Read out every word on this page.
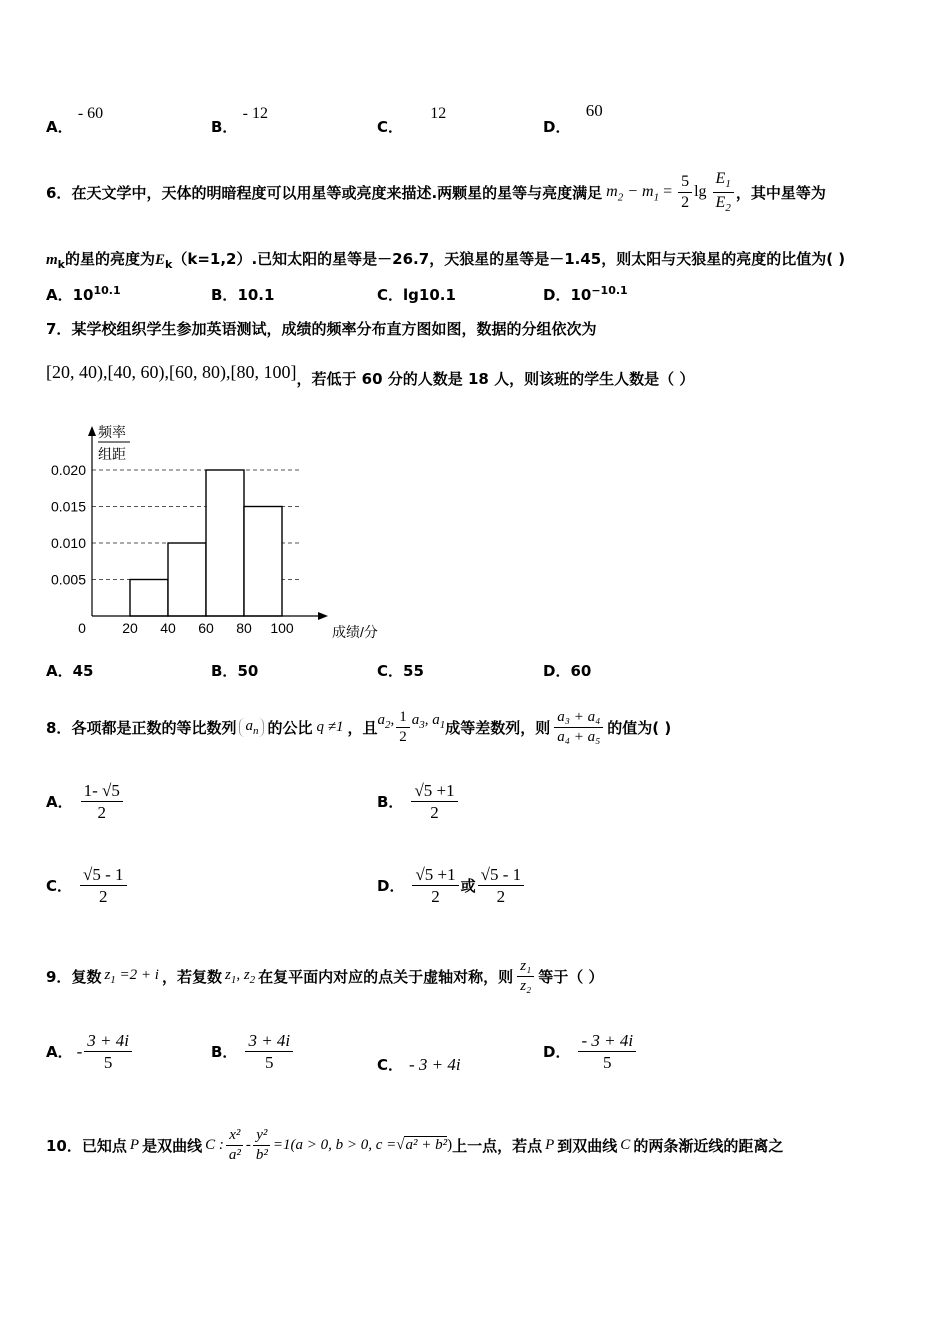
A． - 60
B． - 12
C． 12
D． 60
6． 在天文学中，天体的明暗程度可以用星等或亮度来描述.两颗星的星等与亮度满足 $m_2 - m_1 = \frac{5}{2}$ $\lg \frac{E_1}{E_2}$ ，其中星等为
$m_k$的星的亮度为$E_k(k=1,2)$.已知太阳的星等是－26.7，天狼星的星等是－1.45，则太阳与天狼星的亮度的比值为( )
A．$10^{10.1}$	B．10.1	C．lg10.1	D．$10^{-10.1}$
7．某学校组织学生参加英语测试，成绩的频率分布直方图如图，数据的分组依次为
[20, 40),[40, 60),[60, 80),[80, 100] ，若低于 60 分的人数是 18 人，则该班的学生人数是（ ）
0.005
0.010
0.015
0.020
0	20 40 60 80 100	成绩/分
频率
组距
A．45	B．50	C．55	D．60
8． 各项都是正数的等比数列 $a_n$ 的公比 q ≠1 ，且 $a_2$, $\frac{1}{2} a_3$, $a_1$ 成等差数列，则 $\frac{\text{a₃ + a₄}}{\text{a₄ + a₅}}$ 的值为( )
A． $\frac{1- √5}{2}$	B． $\frac{√5 +1}{2}$
C． $\frac{√5 - 1}{2}$	D． $\frac{√5 +1}{2}$ 或 $\frac{√5 - 1}{2}$
9． 复数 $z_1 =2 + i$ ，若复数 $z_1$, $z_2$ 在复平面内对应的点关于虚轴对称，则 $\frac{\text{z₁}}{\text{z₂}}$ 等于（ ）
A． - $\frac{3 + 4i}{5}$	B． $\frac{3 + 4i}{5}$	C． - 3 + 4i
D． $\frac{- 3 + 4i}{5}$
10． 已知点 P 是双曲线 C : $\frac{\text{x²}}{\text{a²}} - \frac{\text{y²}}{\text{b²}} =1(a > 0$, b > 0, c = √a² + b² ) 上一点，若点 P 到双曲线 C 的两条渐近线的距离之
